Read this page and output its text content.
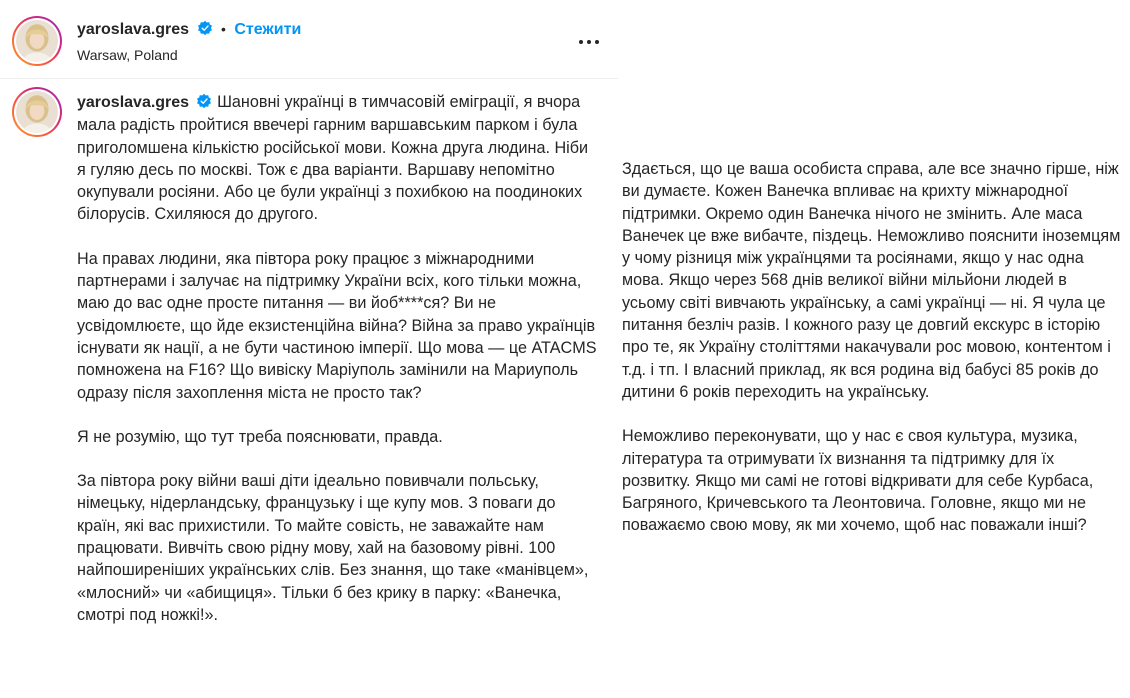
yaroslava.gres • Стежити
Warsaw, Poland

yaroslava.gres Шановні українці в тимчасовій еміграції, я вчора мала радість пройтися ввечері гарним варшавським парком і була приголомшена кількістю російської мови. Кожна друга людина. Ніби я гуляю десь по москві. Тож є два варіанти. Варшаву непомітно окупували росіяни. Або це були українці з похибкою на поодиноких білорусів. Схиляюся до другого.

На правах людини, яка півтора року працює з міжнародними партнерами і залучає на підтримку України всіх, кого тільки можна, маю до вас одне просте питання — ви йоб****ся? Ви не усвідомлюєте, що йде екзистенційна війна? Війна за право українців існувати як нації, а не бути частиною імперії. Що мова — це ATACMS помножена на F16? Що вивіску Маріуполь замінили на Мариуполь одразу після захоплення міста не просто так?

Я не розумію, що тут треба пояснювати, правда.

За півтора року війни ваші діти ідеально повивчали польську, німецьку, нідерландську, французьку і ще купу мов. З поваги до країн, які вас прихистили. То майте совість, не заважайте нам працювати. Вивчіть свою рідну мову, хай на базовому рівні. 100 найпоширеніших українських слів. Без знання, що таке «манівцем», «млосний» чи «абищиця». Тільки б без крику в парку: «Ванечка, смотрі под ножкі!».

Здається, що це ваша особиста справа, але все значно гірше, ніж ви думаєте. Кожен Ванечка впливає на крихту міжнародної підтримки. Окремо один Ванечка нічого не змінить. Але маса Ванечек це вже вибачте, піздець. Неможливо пояснити іноземцям у чому різниця між українцями та росіянами, якщо у нас одна мова. Якщо через 568 днів великої війни мільйони людей в усьому світі вивчають українську, а самі українці — ні. Я чула це питання безліч разів. І кожного разу це довгий екскурс в історію про те, як Україну століттями накачували рос мовою, контентом і т.д. і тп. І власний приклад, як вся родина від бабусі 85 років до дитини 6 років переходить на українську.

Неможливо переконувати, що у нас є своя культура, музика, література та отримувати їх визнання та підтримку для їх розвитку. Якщо ми самі не готові відкривати для себе Курбаса, Багряного, Кричевського та Леонтовича. Головне, якщо ми не поважаємо свою мову, як ми хочемо, щоб нас поважали інші?
